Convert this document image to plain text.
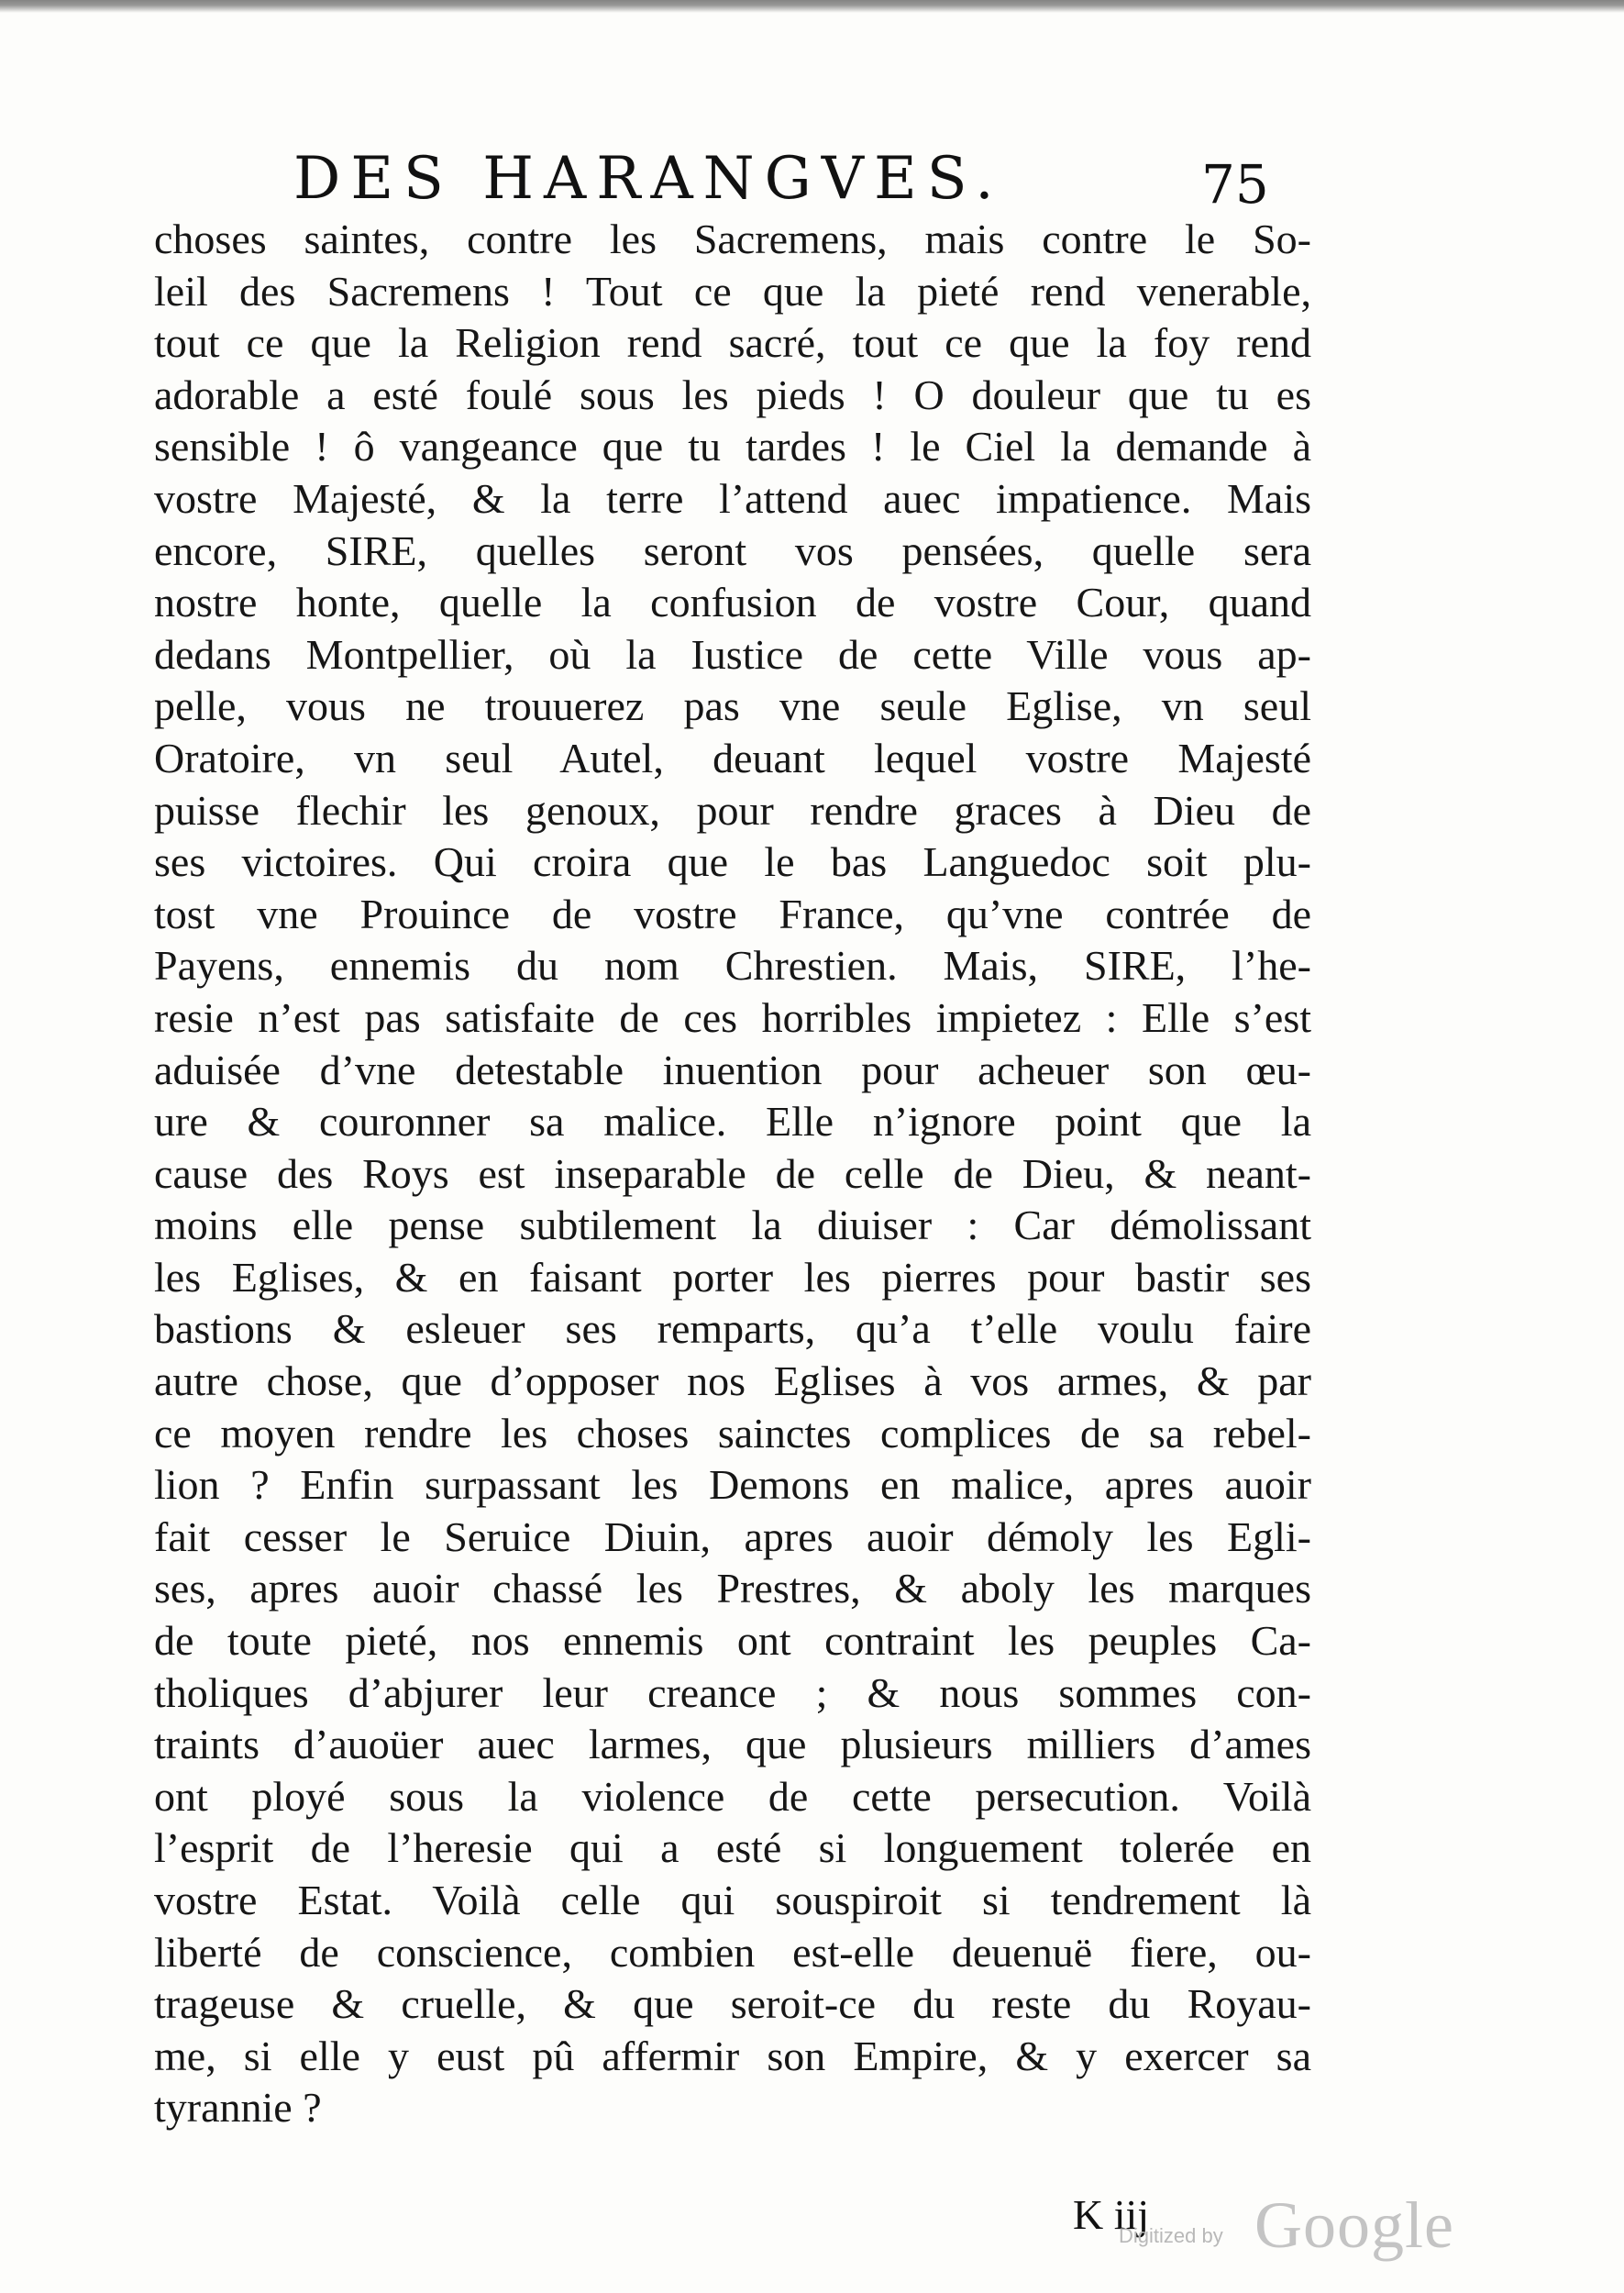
DES HARANGVES.	75
choses saintes, contre les Sacremens, mais contre le So-
leil des Sacremens ! Tout ce que la pieté rend venerable,
tout ce que la Religion rend sacré, tout ce que la foy rend
adorable a esté foulé sous les pieds ! O douleur que tu es
sensible ! ô vangeance que tu tardes ! le Ciel la demande à
vostre Majesté, & la terre l’attend auec impatience. Mais
encore, SIRE, quelles seront vos pensées, quelle sera
nostre honte, quelle la confusion de vostre Cour, quand
dedans Montpellier, où la Iustice de cette Ville vous ap-
pelle, vous ne trouuerez pas vne seule Eglise, vn seul
Oratoire, vn seul Autel, deuant lequel vostre Majesté
puisse flechir les genoux, pour rendre graces à Dieu de
ses victoires. Qui croira que le bas Languedoc soit plu-
tost vne Prouince de vostre France, qu’vne contrée de
Payens, ennemis du nom Chrestien. Mais, SIRE, l’he-
resie n’est pas satisfaite de ces horribles impietez : Elle s’est
aduisée d’vne detestable inuention pour acheuer son œu-
ure & couronner sa malice. Elle n’ignore point que la
cause des Roys est inseparable de celle de Dieu, & neant-
moins elle pense subtilement la diuiser : Car démolissant
les Eglises, & en faisant porter les pierres pour bastir ses
bastions & esleuer ses remparts, qu’a t’elle voulu faire
autre chose, que d’opposer nos Eglises à vos armes, & par
ce moyen rendre les choses sainctes complices de sa rebel-
lion ? Enfin surpassant les Demons en malice, apres auoir
fait cesser le Seruice Diuin, apres auoir démoly les Egli-
ses, apres auoir chassé les Prestres, & aboly les marques
de toute pieté, nos ennemis ont contraint les peuples Ca-
tholiques d’abjurer leur creance ; & nous sommes con-
traints d’auoüer auec larmes, que plusieurs milliers d’ames
ont ployé sous la violence de cette persecution. Voilà
l’esprit de l’heresie qui a esté si longuement tolerée en
vostre Estat. Voilà celle qui souspiroit si tendrement là
liberté de conscience, combien est-elle deuenuë fiere, ou-
trageuse & cruelle, & que seroit-ce du reste du Royau-
me, si elle y eust pû affermir son Empire, & y exercer sa
tyrannie ?
K iij
Digitized by Google
